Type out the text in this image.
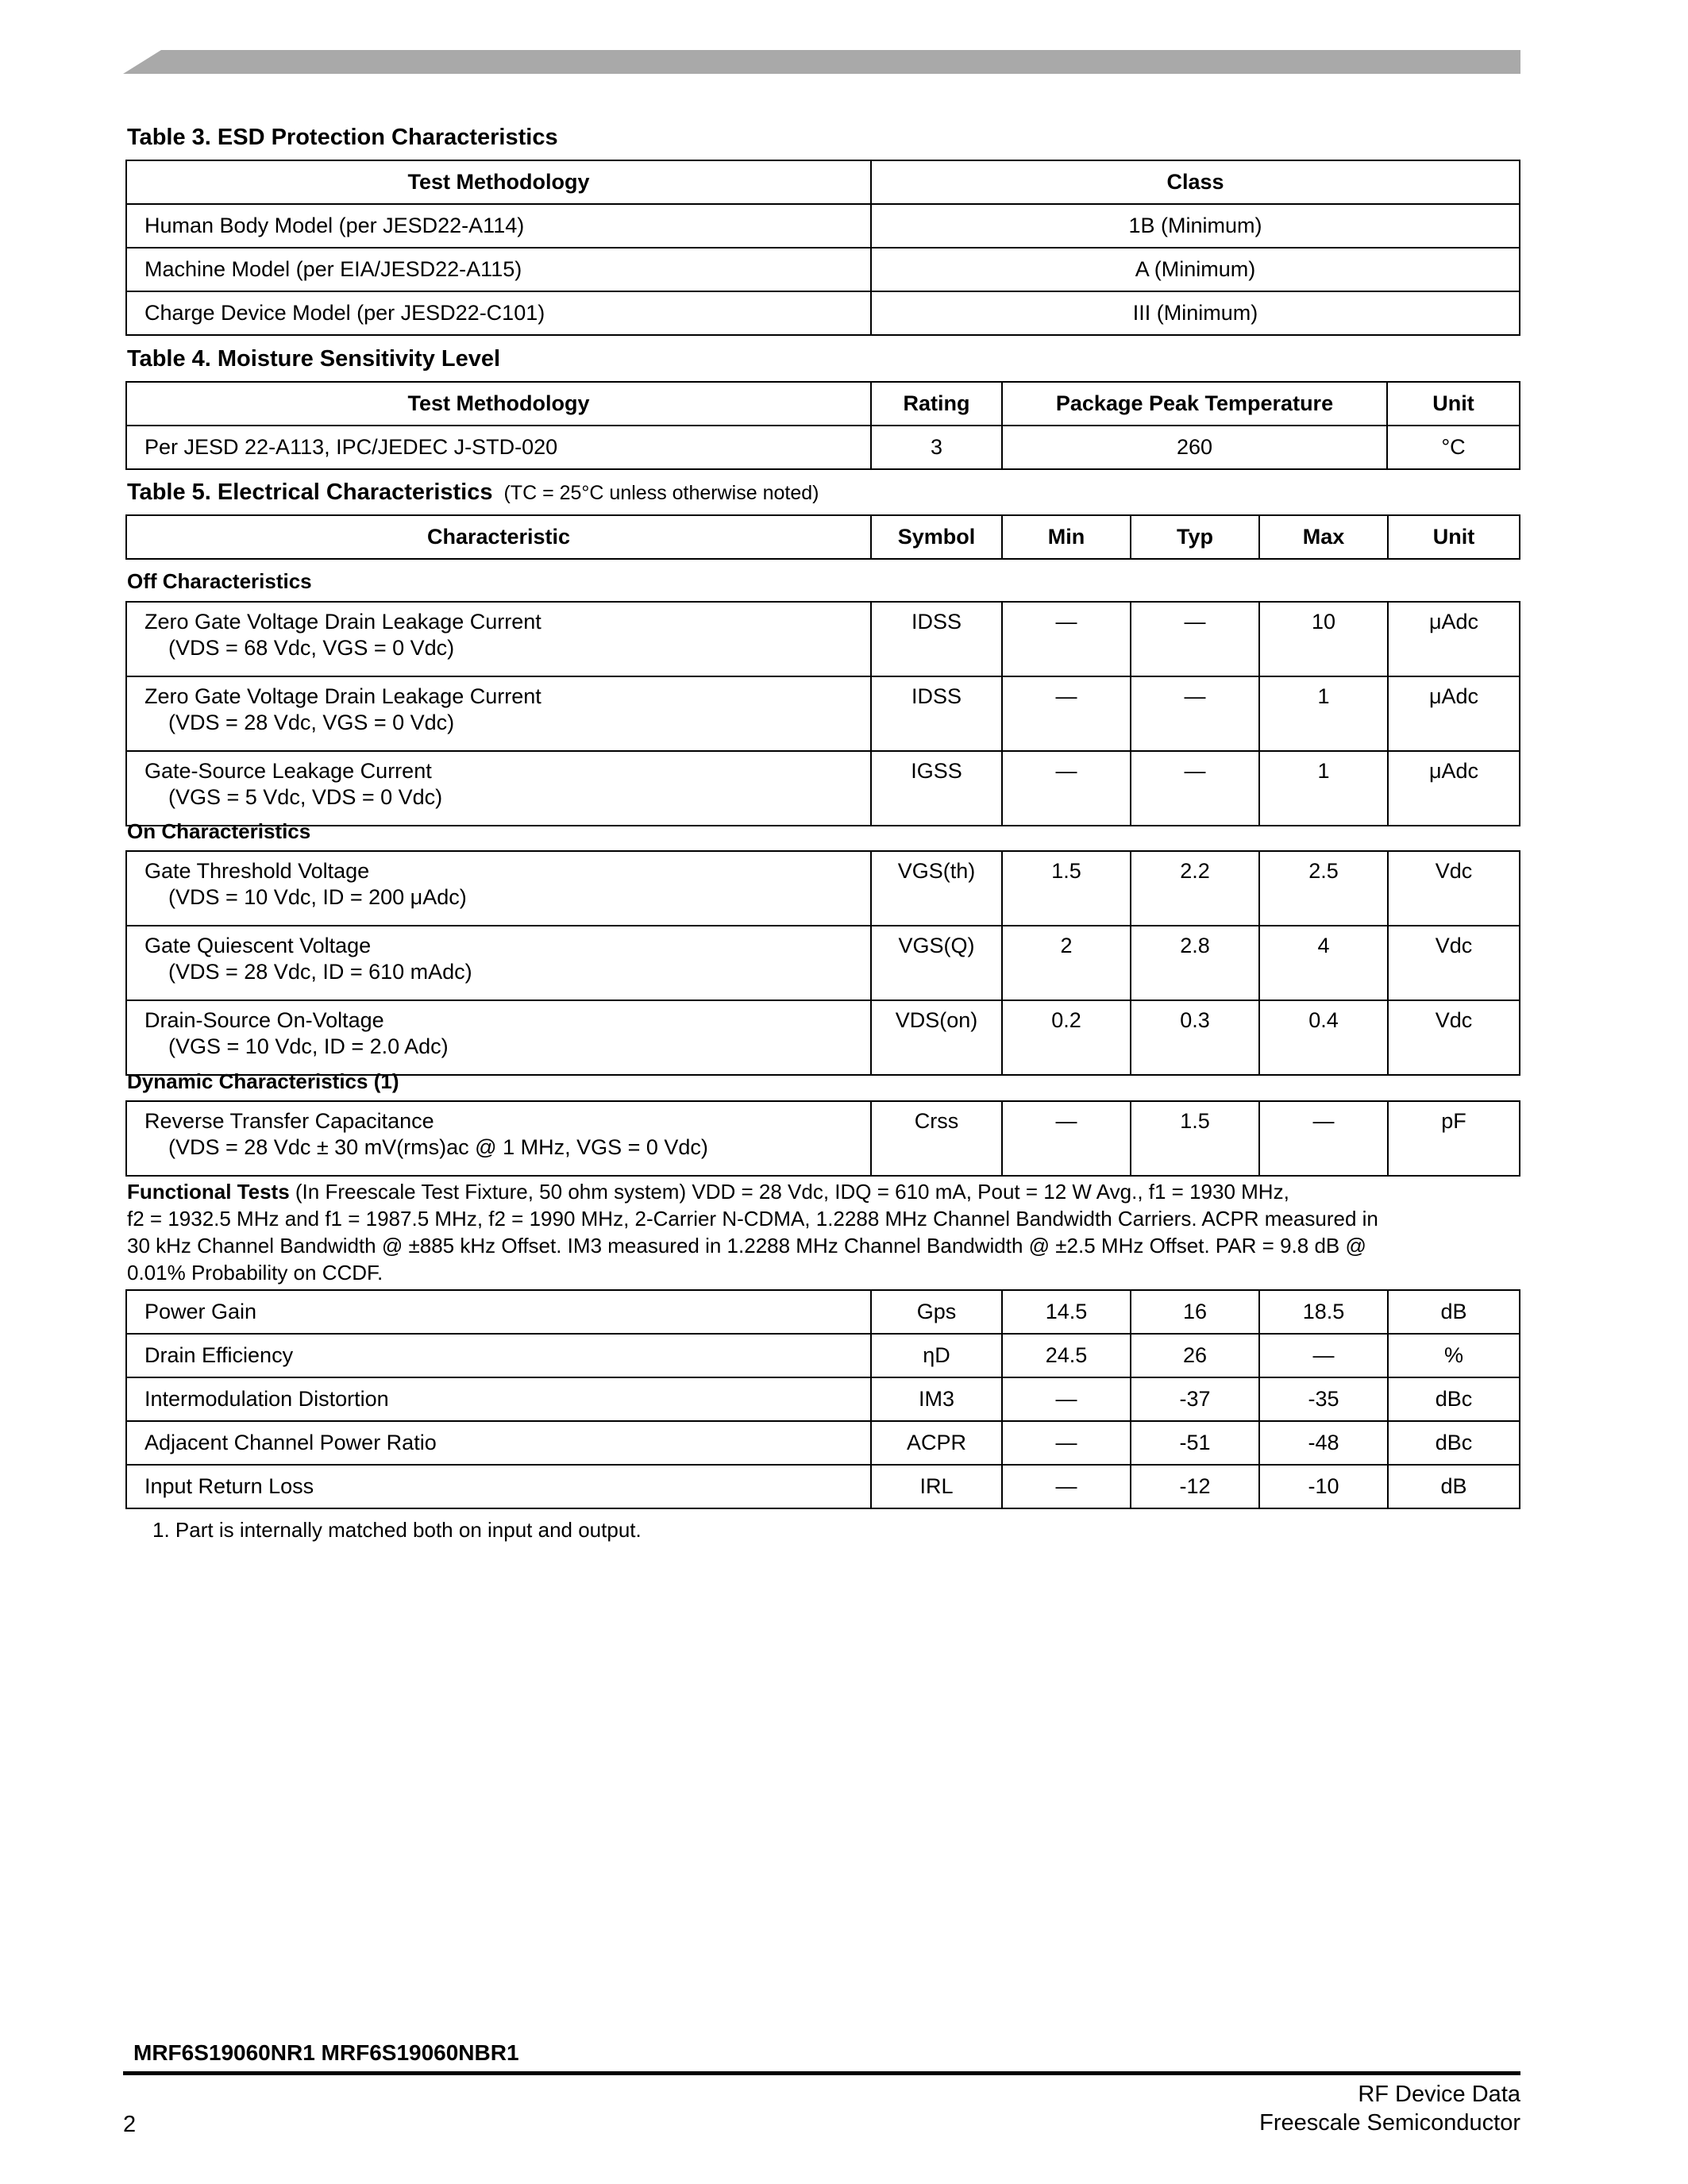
Table 3. ESD Protection Characteristics
Test Methodology	Class
Human Body Model (per JESD22-A114)	1B (Minimum)
Machine Model (per EIA/JESD22-A115)	A (Minimum)
Charge Device Model (per JESD22-C101)	III (Minimum)
Table 4. Moisture Sensitivity Level
Test Methodology	Rating	Package Peak Temperature	Unit
Per JESD 22-A113, IPC/JEDEC J-STD-020	3	260	°C
Table 5. Electrical Characteristics (TC = 25°C unless otherwise noted)
Characteristic	Symbol	Min	Typ	Max	Unit
Off Characteristics
Zero Gate Voltage Drain Leakage Current
(VDS = 68 Vdc, VGS = 0 Vdc)	IDSS	—	—	10	μAdc
Zero Gate Voltage Drain Leakage Current
(VDS = 28 Vdc, VGS = 0 Vdc)	IDSS	—	—	1	μAdc
Gate-Source Leakage Current
(VGS = 5 Vdc, VDS = 0 Vdc)	IGSS	—	—	1	μAdc
On Characteristics
Gate Threshold Voltage
(VDS = 10 Vdc, ID = 200 μAdc)	VGS(th)	1.5	2.2	2.5	Vdc
Gate Quiescent Voltage
(VDS = 28 Vdc, ID = 610 mAdc)	VGS(Q)	2	2.8	4	Vdc
Drain-Source On-Voltage
(VGS = 10 Vdc, ID = 2.0 Adc)	VDS(on)	0.2	0.3	0.4	Vdc
Dynamic Characteristics (1)
Reverse Transfer Capacitance
(VDS = 28 Vdc ± 30 mV(rms)ac @ 1 MHz, VGS = 0 Vdc)
	Crss	—	1.5	—	pF
Functional Tests (In Freescale Test Fixture, 50 ohm system) VDD = 28 Vdc, IDQ = 610 mA, Pout = 12 W Avg., f1 = 1930 MHz,
f2 = 1932.5 MHz and f1 = 1987.5 MHz, f2 = 1990 MHz, 2-Carrier N-CDMA, 1.2288 MHz Channel Bandwidth Carriers. ACPR measured in
30 kHz Channel Bandwidth @ ±885 kHz Offset. IM3 measured in 1.2288 MHz Channel Bandwidth @ ±2.5 MHz Offset. PAR = 9.8 dB @
0.01% Probability on CCDF.
Power Gain	Gps	14.5	16	18.5	dB
Drain Efficiency	ηD	24.5	26	—	%
Intermodulation Distortion	IM3	—	-37	-35	dBc
Adjacent Channel Power Ratio	ACPR	—	-51	-48	dBc
Input Return Loss	IRL	—	-12	-10	dB
1. Part is internally matched both on input and output.
MRF6S19060NR1 MRF6S19060NBR1
RF Device Data
Freescale Semiconductor
2
